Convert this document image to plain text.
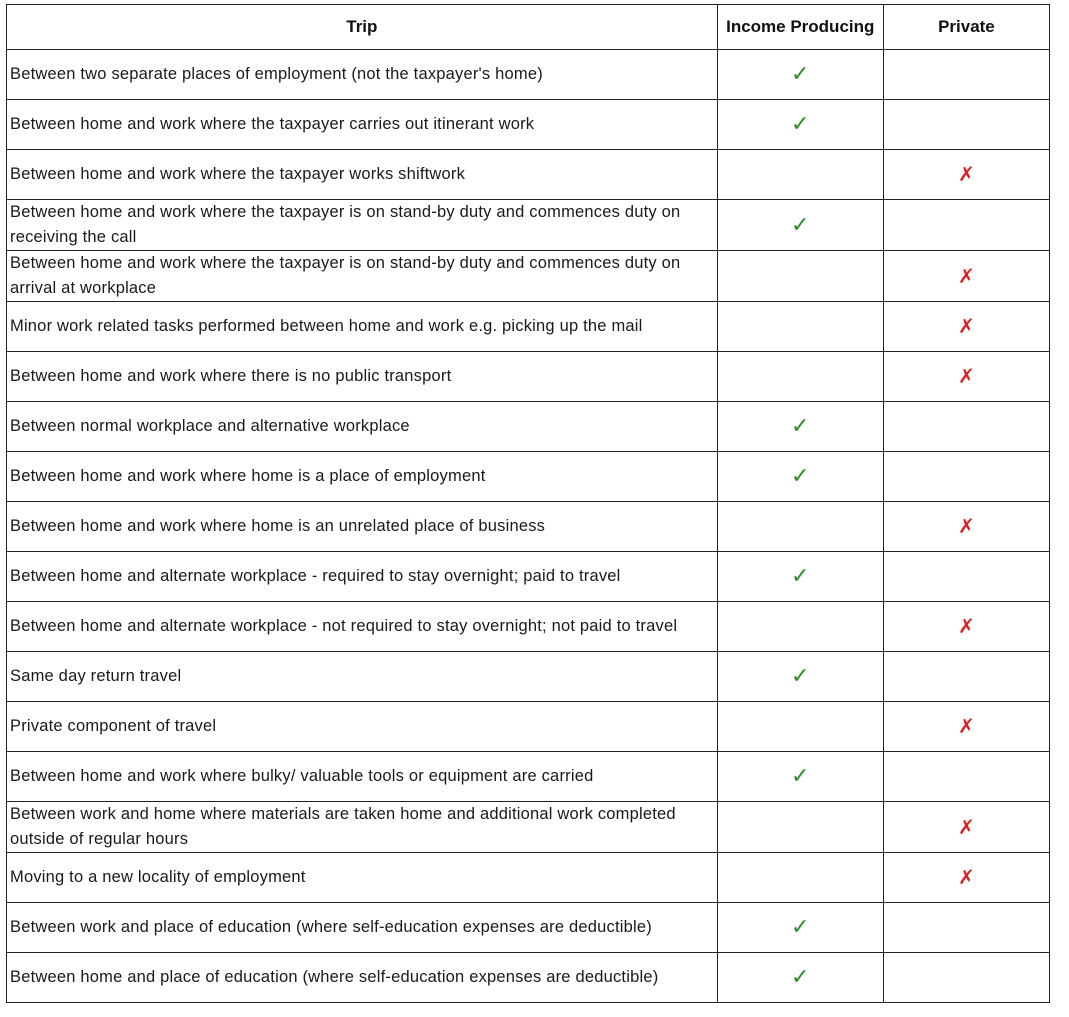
Trip	Income Producing	Private

Between two separate places of employment (not the taxpayer's home)	✓	

Between home and work where the taxpayer carries out itinerant work	✓	

Between home and work where the taxpayer works shiftwork		✗

Between home and work where the taxpayer is on stand-by duty and commences duty on receiving the call	✓	

Between home and work where the taxpayer is on stand-by duty and commences duty on arrival at workplace		✗

Minor work related tasks performed between home and work e.g. picking up the mail		✗

Between home and work where there is no public transport		✗

Between normal workplace and alternative workplace	✓	

Between home and work where home is a place of employment	✓	

Between home and work where home is an unrelated place of business		✗

Between home and alternate workplace - required to stay overnight; paid to travel	✓	

Between home and alternate workplace - not required to stay overnight; not paid to travel		✗

Same day return travel	✓	

Private component of travel		✗

Between home and work where bulky/ valuable tools or equipment are carried	✓	

Between work and home where materials are taken home and additional work completed outside of regular hours		✗

Moving to a new locality of employment		✗

Between work and place of education (where self-education expenses are deductible)	✓	

Between home and place of education (where self-education expenses are deductible)	✓	
